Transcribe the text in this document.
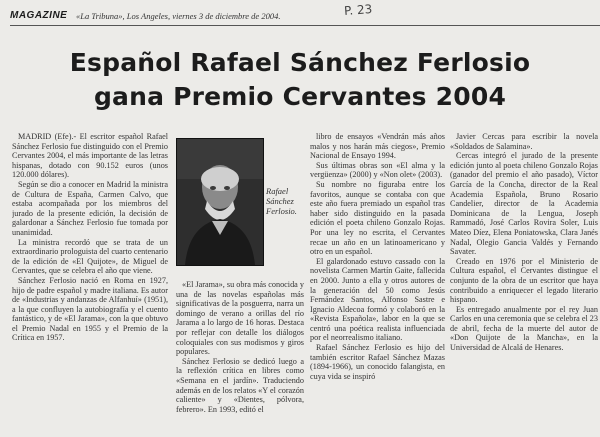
MAGAZINE «La Tribuna», Los Angeles, viernes 3 de diciembre de 2004.	P. 23
Español Rafael Sánchez Ferlosio
gana Premio Cervantes 2004

MADRID (Efe).- El escritor español Rafael Sánchez Ferlosio fue distinguido con el Premio Cervantes 2004, el más importante de las letras hispanas, dotado con 90.152 euros (unos 120.000 dólares).

Según se dio a conocer en Madrid la ministra de Cultura de España, Carmen Calvo, que estaba acompañada por los miembros del jurado de la presente edición, la decisión de galardonar a Sánchez Ferlosio fue tomada por unanimidad.

La ministra recordó que se trata de un extraordinario prologuista del cuarto centenario de la edición de «El Quijote», de Miguel de Cervantes, que se celebra el año que viene.

Sánchez Ferlosio nació en Roma en 1927, hijo de padre español y madre italiana. Es autor de «Industrias y andanzas de Alfanhuí» (1951), a la que confluyen la autobiografía y el cuento fantástico, y de «El Jarama», con la que obtuvo el Premio Nadal en 1955 y el Premio de la Crítica en 1957.

Rafael
Sánchez
Ferlosio.

«El Jarama», su obra más conocida y una de las novelas españolas más significativas de la posguerra, narra un domingo de verano a orillas del río Jarama a lo largo de 16 horas. Destaca por reflejar con detalle los diálogos coloquiales con sus modismos y giros populares.

Sánchez Ferlosio se dedicó luego a la reflexión crítica en libres como «Semana en el jardín». Traduciendo además en de los relatos «Y el corazón caliente» y «Dientes, pólvora, febrero». En 1993, editó el

libro de ensayos «Vendrán más años malos y nos harán más ciegos», Premio Nacional de Ensayo 1994.

Sus últimas obras son «El alma y la vergüenza» (2000) y «Non olet» (2003).

Su nombre no figuraba entre los favoritos, aunque se contaba con que este año fuera premiado un español tras haber sido distinguido en la pasada edición el poeta chileno Gonzalo Rojas. Por una ley no escrita, el Cervantes recae un año en un latinoamericano y otro en un español.

El galardonado estuvo cassado con la novelista Carmen Martín Gaite, fallecida en 2000. Junto a ella y otros autores de la generación del 50 como Jesús Fernández Santos, Alfonso Sastre e Ignacio Aldecoa formó y colaboró en la «Revista Española», labor en la que se centró una poética realista influenciada por el neorrealismo italiano.

Rafael Sánchez Ferlosio es hijo del también escritor Rafael Sánchez Mazas (1894-1966), un conocido falangista, en cuya vida se inspiró

Javier Cercas para escribir la novela «Soldados de Salamina».

Cercas integró el jurado de la presente edición junto al poeta chileno Gonzalo Rojas (ganador del premio el año pasado), Víctor García de la Concha, director de la Real Academia Española, Bruno Rosario Candelier, director de la Academia Dominicana de la Lengua, Joseph Rammadó, José Carlos Rovira Soler, Luis Mateo Díez, Elena Poniatowska, Clara Janés Nadal, Olegio Gancia Valdés y Fernando Savater.

Creado en 1976 por el Ministerio de Cultura español, el Cervantes distingue el conjunto de la obra de un escritor que haya contribuido a enriquecer el legado literario hispano.

Es entregado anualmente por el rey Juan Carlos en una ceremonia que se celebra el 23 de abril, fecha de la muerte del autor de «Don Quijote de la Mancha», en la Universidad de Alcalá de Henares.
